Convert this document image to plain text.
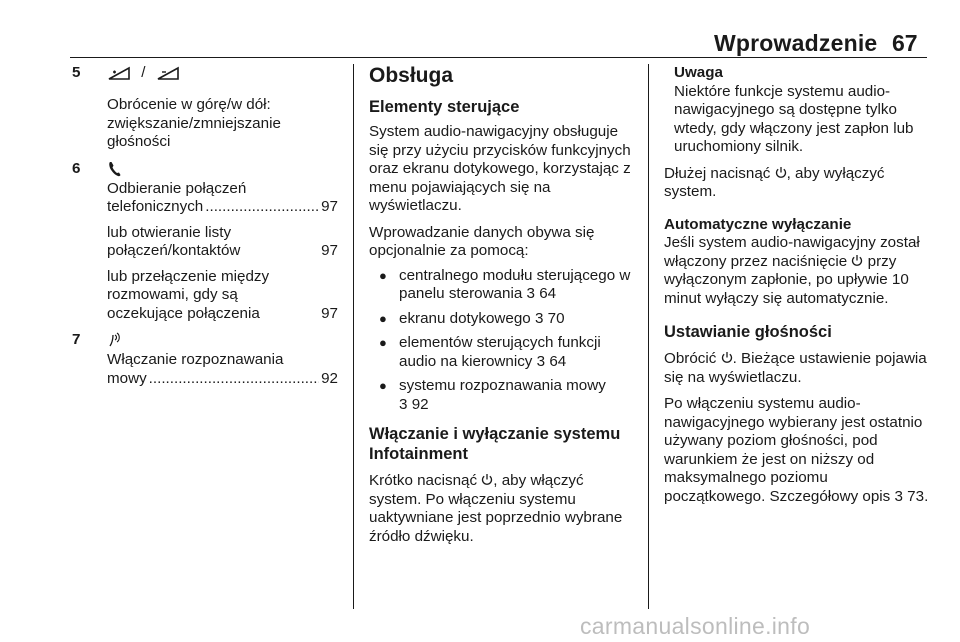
Wprowadzenie 67
5	/

Obrócenie w górę/w dół: zwiększanie/zmniejszanie głośności

6

Odbieranie połączeń

telefonicznych .....	97
lub otwieranie listy połączeń/kontaktów	97
lub przełączenie między rozmowami, gdy są oczekujące połączenia	97
7

Włączanie rozpoznawania

mowy .....	92

Obsługa

Elementy sterujące

System audio-nawigacyjny obsługuje się przy użyciu przycisków funkcyjnych oraz ekranu dotykowego, korzystając z menu pojawiających się na wyświetlaczu.

Wprowadzanie danych obywa się opcjonalnie za pomocą:

● centralnego modułu sterującego w panelu sterowania 3 64
● ekranu dotykowego 3 70
● elementów sterujących funkcji audio na kierownicy 3 64
● systemu rozpoznawania mowy 3 92

Włączanie i wyłączanie systemu Infotainment

Krótko nacisnąć , aby włączyć system. Po włączeniu systemu uaktywniane jest poprzednio wybrane źródło dźwięku.

Uwaga

Niektóre funkcje systemu audio-nawigacyjnego są dostępne tylko wtedy, gdy włączony jest zapłon lub uruchomiony silnik.

Dłużej nacisnąć , aby wyłączyć system.

Automatyczne wyłączanie

Jeśli system audio-nawigacyjny został włączony przez naciśnięcie przy wyłączonym zapłonie, po upływie 10 minut wyłączy się automatycznie.

Ustawianie głośności

Obrócić . Bieżące ustawienie pojawia się na wyświetlaczu.

Po włączeniu systemu audio-nawigacyjnego wybierany jest ostatnio używany poziom głośności, pod warunkiem że jest on niższy od maksymalnego poziomu początkowego. Szczegółowy opis 3 73.

carmanualsonline.info
